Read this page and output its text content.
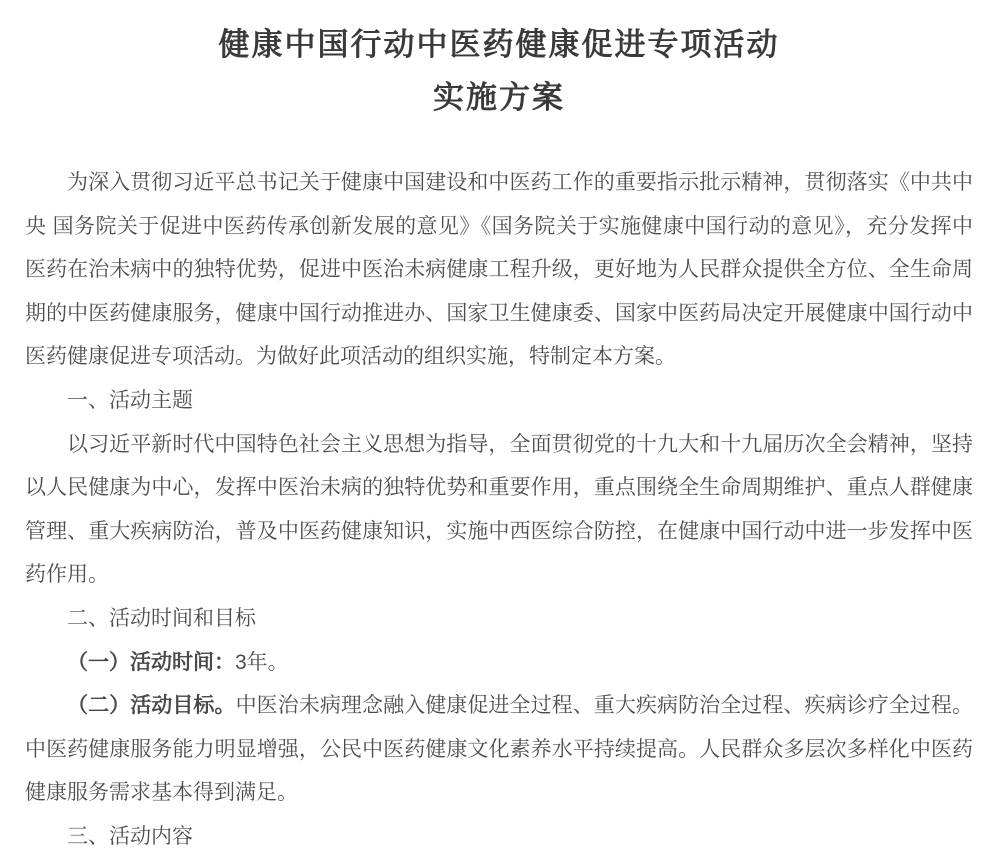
健康中国行动中医药健康促进专项活动
实施方案

为深入贯彻习近平总书记关于健康中国建设和中医药工作的重要指示批示精神，贯彻落实《中共中央 国务院关于促进中医药传承创新发展的意见》《国务院关于实施健康中国行动的意见》，充分发挥中医药在治未病中的独特优势，促进中医治未病健康工程升级，更好地为人民群众提供全方位、全生命周期的中医药健康服务，健康中国行动推进办、国家卫生健康委、国家中医药局决定开展健康中国行动中医药健康促进专项活动。为做好此项活动的组织实施，特制定本方案。

一、活动主题

以习近平新时代中国特色社会主义思想为指导，全面贯彻党的十九大和十九届历次全会精神，坚持以人民健康为中心，发挥中医治未病的独特优势和重要作用，重点围绕全生命周期维护、重点人群健康管理、重大疾病防治，普及中医药健康知识，实施中西医综合防控，在健康中国行动中进一步发挥中医药作用。

二、活动时间和目标

（一）活动时间：3年。

（二）活动目标。中医治未病理念融入健康促进全过程、重大疾病防治全过程、疾病诊疗全过程。中医药健康服务能力明显增强，公民中医药健康文化素养水平持续提高。人民群众多层次多样化中医药健康服务需求基本得到满足。

三、活动内容
